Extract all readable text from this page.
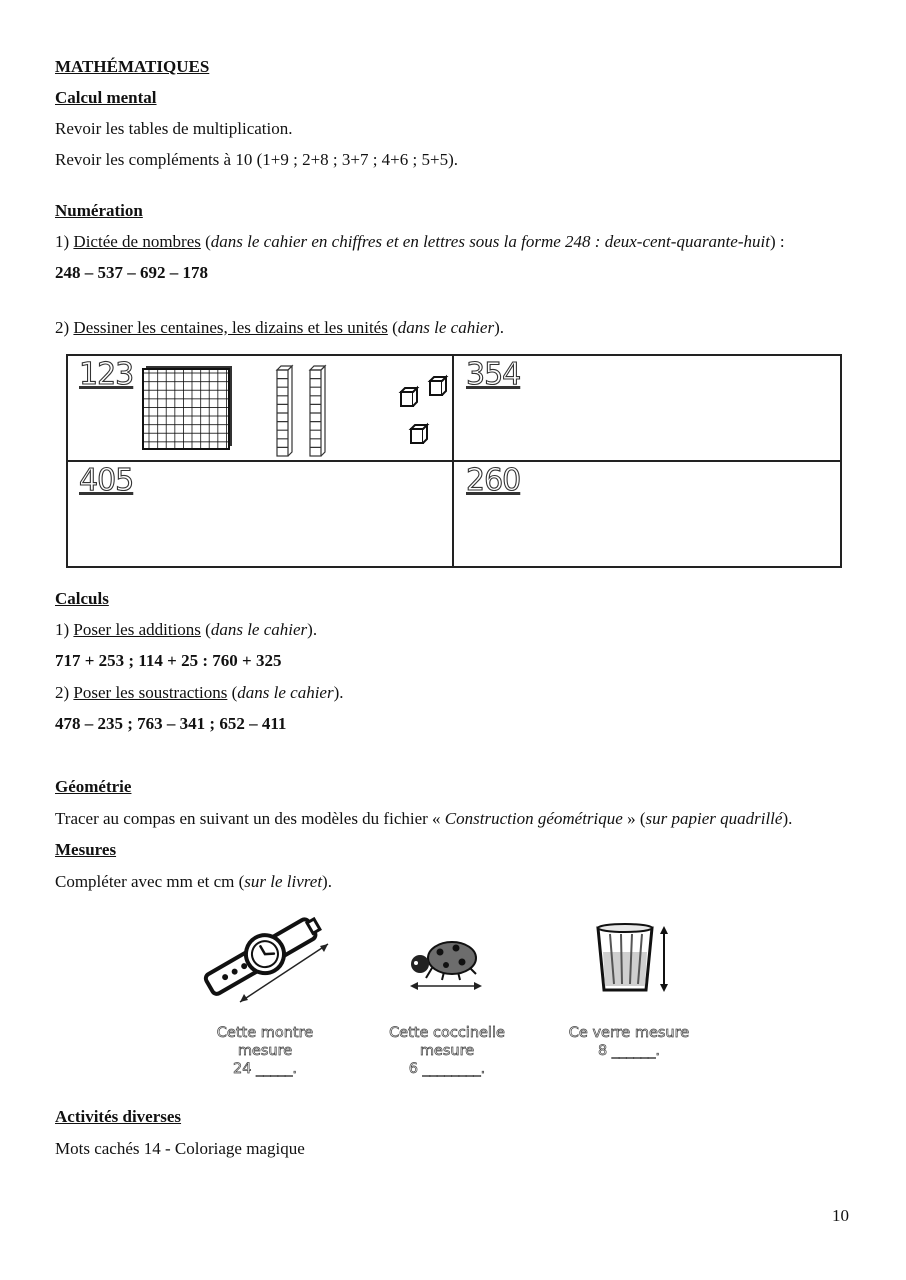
MATHÉMATIQUES
Calcul mental
Revoir les tables de multiplication.
Revoir les compléments à 10 (1+9 ; 2+8 ; 3+7 ; 4+6 ; 5+5).
Numération
1) Dictée de nombres (dans le cahier en chiffres et en lettres sous la forme 248 : deux-cent-quarante-huit) :
248 – 537 – 692 – 178
2) Dessiner les centaines, les dizains et les unités (dans le cahier).
123	354
405	260
Calculs
1) Poser les additions (dans le cahier).
717 + 253 ; 114 + 25 : 760 + 325
2) Poser les soustractions (dans le cahier).
478 – 235 ; 763 – 341 ; 652 – 411
Géométrie
Tracer au compas en suivant un des modèles du fichier « Construction géométrique » (sur papier quadrillé).
Mesures
Compléter avec mm et cm (sur le livret).
Cette montre
mesure
24 _____.
Cette coccinelle
mesure
6 ________.
Ce verre mesure
8 ______.
Activités diverses
Mots cachés 14 - Coloriage magique
10
